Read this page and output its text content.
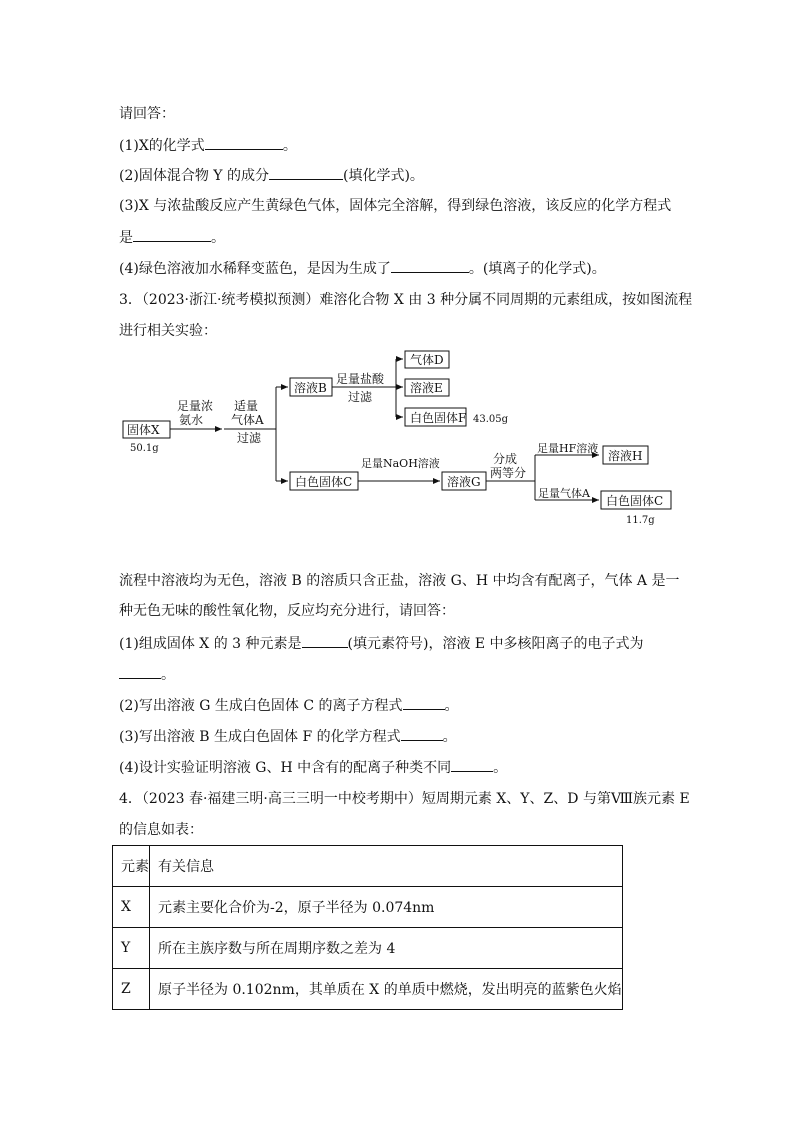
请回答：
(1)X的化学式	。
(2)固体混合物 Y 的成分	(填化学式)。
(3)X 与浓盐酸反应产生黄绿色气体，固体完全溶解，得到绿色溶液，该反应的化学方程式
是	。
(4)绿色溶液加水稀释变蓝色，是因为生成了	。(填离子的化学式)。
3．（2023·浙江·统考模拟预测）难溶化合物 X 由 3 种分属不同周期的元素组成，按如图流程
进行相关实验：
固体X
50.1g
足量浓
氨水
适量
气体A
过滤
溶液B
足量盐酸
过滤
气体D
溶液E
白色固体F 43.05g
白色固体C
足量NaOH溶液
溶液G
分成
两等分
足量HF溶液
足量气体A
溶液H
白色固体C
11.7g
流程中溶液均为无色，溶液 B 的溶质只含正盐，溶液 G、H 中均含有配离子，气体 A 是一
种无色无味的酸性氧化物，反应均充分进行，请回答：
(1)组成固体 X 的 3 种元素是	(填元素符号)，溶液 E 中多核阳离子的电子式为
。
(2)写出溶液 G 生成白色固体 C 的离子方程式	。
(3)写出溶液 B 生成白色固体 F 的化学方程式	。
(4)设计实验证明溶液 G、H 中含有的配离子种类不同	。
4．（2023 春·福建三明·高三三明一中校考期中）短周期元素 X、Y、Z、D 与第Ⅷ族元素 E
的信息如表：
元素	有关信息
X	元素主要化合价为-2，原子半径为 0.074nm
Y	所在主族序数与所在周期序数之差为 4
Z	原子半径为 0.102nm，其单质在 X 的单质中燃烧，发出明亮的蓝紫色火焰
